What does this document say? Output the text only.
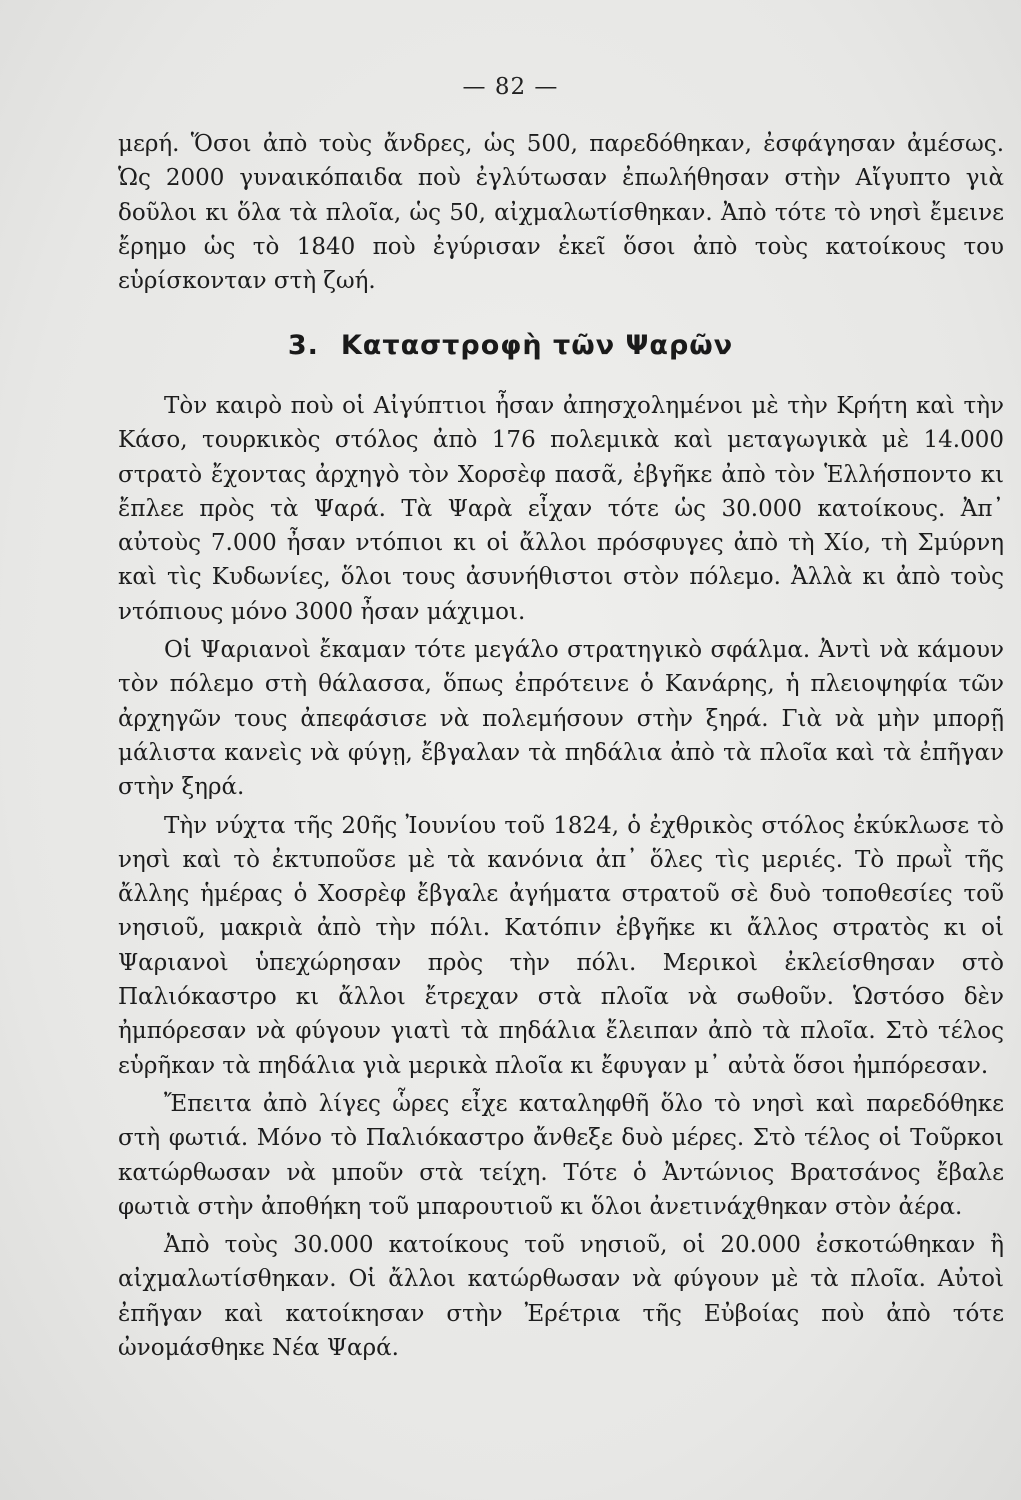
— 82 —

μερή. Ὅσοι ἀπὸ τοὺς ἄνδρες, ὡς 500, παρεδόθηκαν, ἐσφάγησαν ἀμέσως. Ὡς 2000 γυναικόπαιδα ποὺ ἐγλύτωσαν ἐπωλήθησαν στὴν Αἴγυπτο γιὰ δοῦλοι κι ὅλα τὰ πλοῖα, ὡς 50, αἰχμαλωτίσθηκαν. Ἀπὸ τότε τὸ νησὶ ἔμεινε ἔρημο ὡς τὸ 1840 ποὺ ἐγύρισαν ἐκεῖ ὅσοι ἀπὸ τοὺς κατοίκους του εὑρίσκονταν στὴ ζωή.

3. Καταστροφὴ τῶν Ψαρῶν

Τὸν καιρὸ ποὺ οἱ Αἰγύπτιοι ἦσαν ἀπησχολημένοι μὲ τὴν Κρήτη καὶ τὴν Κάσο, τουρκικὸς στόλος ἀπὸ 176 πολεμικὰ καὶ μεταγωγικὰ μὲ 14.000 στρατὸ ἔχοντας ἀρχηγὸ τὸν Χορσὲφ πασᾶ, ἐβγῆκε ἀπὸ τὸν Ἑλλήσποντο κι ἔπλεε πρὸς τὰ Ψαρά. Τὰ Ψαρὰ εἶχαν τότε ὡς 30.000 κατοίκους. Ἀπ᾽ αὐτοὺς 7.000 ἦσαν ντόπιοι κι οἱ ἄλλοι πρόσφυγες ἀπὸ τὴ Χίο, τὴ Σμύρνη καὶ τὶς Κυδωνίες, ὅλοι τους ἀσυνήθιστοι στὸν πόλεμο. Ἀλλὰ κι ἀπὸ τοὺς ντόπιους μόνο 3000 ἦσαν μάχιμοι.

Οἱ Ψαριανοὶ ἔκαμαν τότε μεγάλο στρατηγικὸ σφάλμα. Ἀντὶ νὰ κάμουν τὸν πόλεμο στὴ θάλασσα, ὅπως ἐπρότεινε ὁ Κανάρης, ἡ πλειοψηφία τῶν ἀρχηγῶν τους ἀπεφάσισε νὰ πολεμήσουν στὴν ξηρά. Γιὰ νὰ μὴν μπορῇ μάλιστα κανεὶς νὰ φύγῃ, ἔβγαλαν τὰ πηδάλια ἀπὸ τὰ πλοῖα καὶ τὰ ἐπῆγαν στὴν ξηρά.

Τὴν νύχτα τῆς 20ῆς Ἰουνίου τοῦ 1824, ὁ ἐχθρικὸς στόλος ἐκύκλωσε τὸ νησὶ καὶ τὸ ἐκτυποῦσε μὲ τὰ κανόνια ἀπ᾽ ὅλες τὶς μεριές. Τὸ πρωῒ τῆς ἄλλης ἡμέρας ὁ Χοσρὲφ ἔβγαλε ἀγήματα στρατοῦ σὲ δυὸ τοποθεσίες τοῦ νησιοῦ, μακριὰ ἀπὸ τὴν πόλι. Κατόπιν ἐβγῆκε κι ἄλλος στρατὸς κι οἱ Ψαριανοὶ ὑπεχώρησαν πρὸς τὴν πόλι. Μερικοὶ ἐκλείσθησαν στὸ Παλιόκαστρο κι ἄλλοι ἔτρεχαν στὰ πλοῖα νὰ σωθοῦν. Ὡστόσο δὲν ἠμπόρεσαν νὰ φύγουν γιατὶ τὰ πηδάλια ἔλειπαν ἀπὸ τὰ πλοῖα. Στὸ τέλος εὑρῆκαν τὰ πηδάλια γιὰ μερικὰ πλοῖα κι ἔφυγαν μ᾽ αὐτὰ ὅσοι ἠμπόρεσαν.

Ἔπειτα ἀπὸ λίγες ὧρες εἶχε καταληφθῆ ὅλο τὸ νησὶ καὶ παρεδόθηκε στὴ φωτιά. Μόνο τὸ Παλιόκαστρο ἄνθεξε δυὸ μέρες. Στὸ τέλος οἱ Τοῦρκοι κατώρθωσαν νὰ μποῦν στὰ τείχη. Τότε ὁ Ἀντώνιος Βρατσάνος ἔβαλε φωτιὰ στὴν ἀποθήκη τοῦ μπαρουτιοῦ κι ὅλοι ἀνετινάχθηκαν στὸν ἀέρα.

Ἀπὸ τοὺς 30.000 κατοίκους τοῦ νησιοῦ, οἱ 20.000 ἐσκοτώθηκαν ἢ αἰχμαλωτίσθηκαν. Οἱ ἄλλοι κατώρθωσαν νὰ φύγουν μὲ τὰ πλοῖα. Αὐτοὶ ἐπῆγαν καὶ κατοίκησαν στὴν Ἐρέτρια τῆς Εὐβοίας ποὺ ἀπὸ τότε ὠνομάσθηκε Νέα Ψαρά.
